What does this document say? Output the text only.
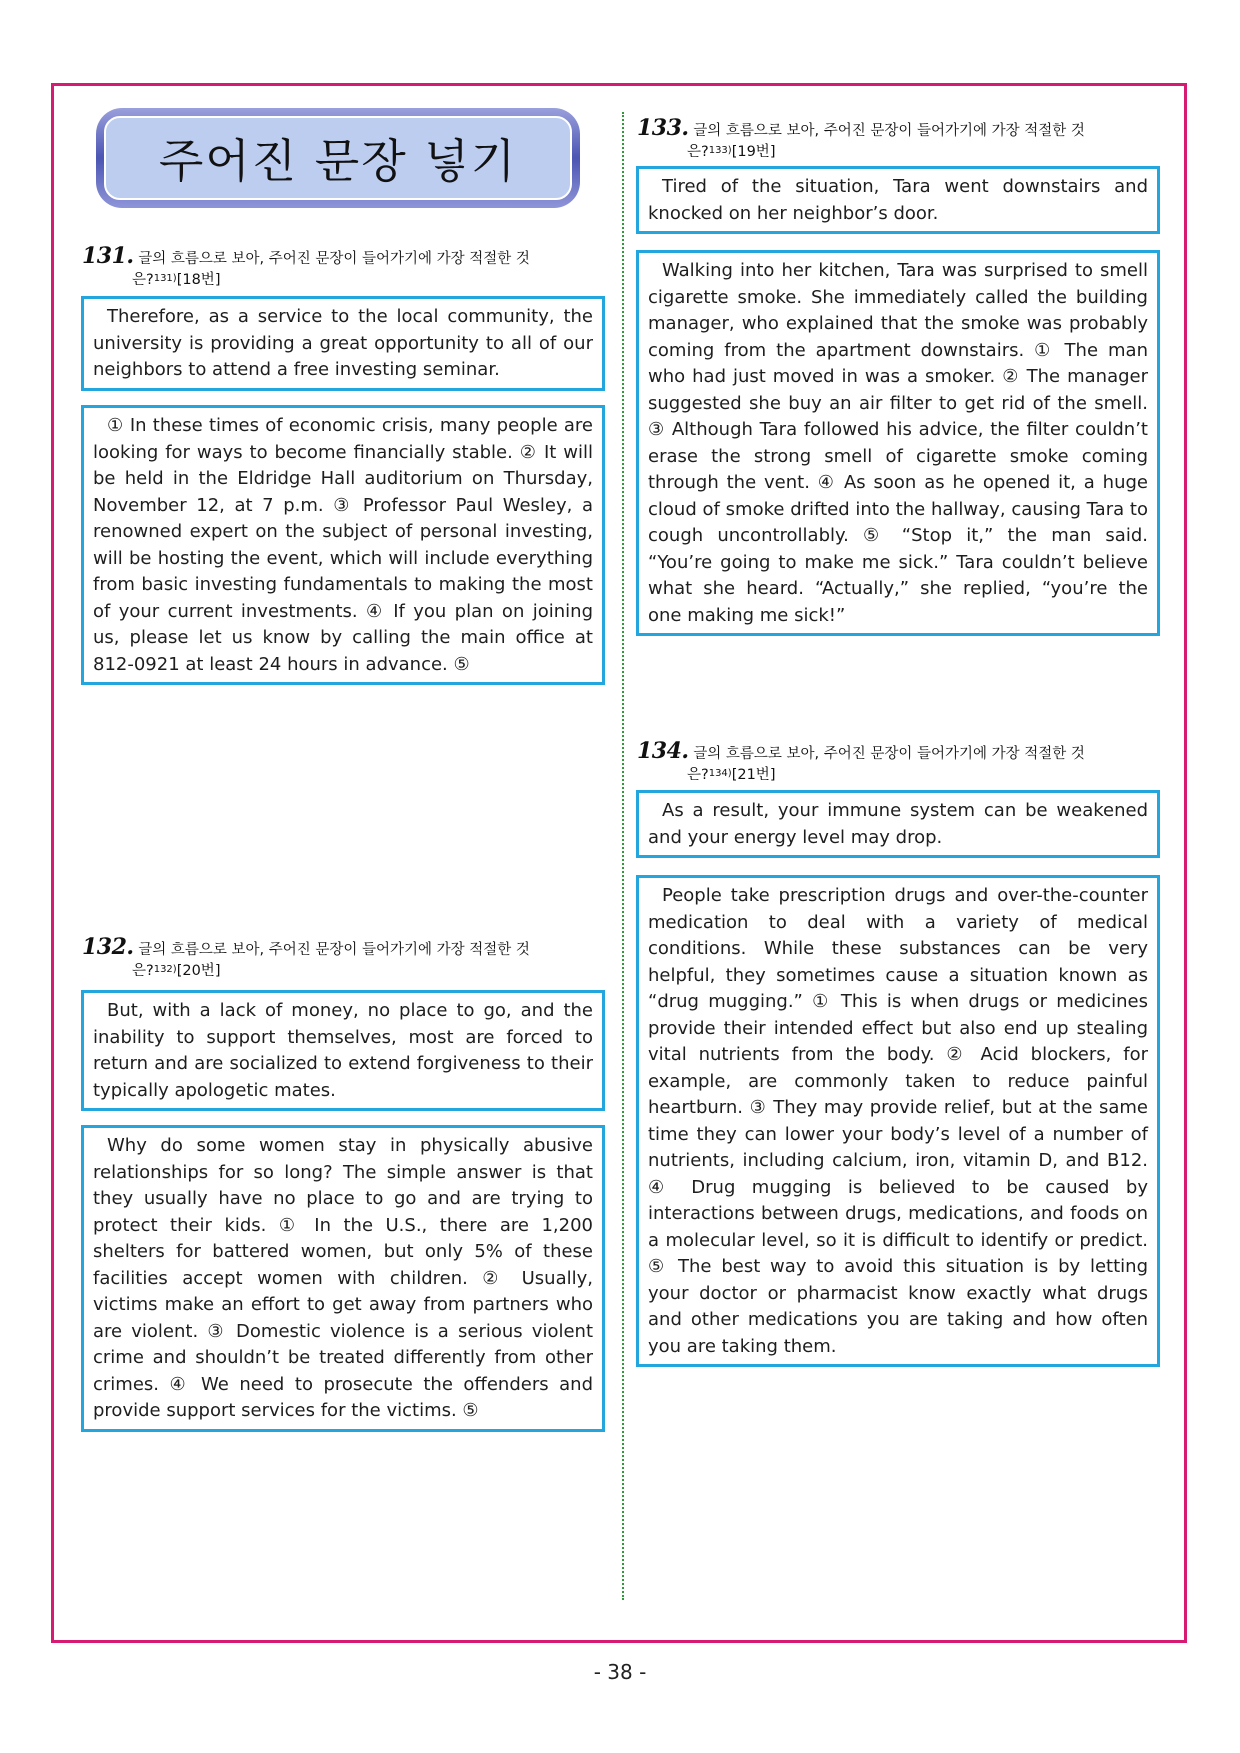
주어진 문장 넣기
131. 글의 흐름으로 보아, 주어진 문장이 들어가기에 가장 적절한 것
은?$^{131)}$[18번]
Therefore, as a service to the local community, the university is providing a great opportunity to all of our neighbors to attend a free investing seminar.
① In these times of economic crisis, many people are looking for ways to become financially stable. ② It will be held in the Eldridge Hall auditorium on Thursday, November 12, at 7 p.m. ③ Professor Paul Wesley, a renowned expert on the subject of personal investing, will be hosting the event, which will include everything from basic investing fundamentals to making the most of your current investments. ④ If you plan on joining us, please let us know by calling the main office at 812-0921 at least 24 hours in advance. ⑤
132. 글의 흐름으로 보아, 주어진 문장이 들어가기에 가장 적절한 것
은?$^{132)}$[20번]
But, with a lack of money, no place to go, and the inability to support themselves, most are forced to return and are socialized to extend forgiveness to their typically apologetic mates.
Why do some women stay in physically abusive relationships for so long? The simple answer is that they usually have no place to go and are trying to protect their kids. ① In the U.S., there are 1,200 shelters for battered women, but only 5% of these facilities accept women with children. ② Usually, victims make an effort to get away from partners who are violent. ③ Domestic violence is a serious violent crime and shouldn’t be treated differently from other crimes. ④ We need to prosecute the offenders and provide support services for the victims. ⑤
133. 글의 흐름으로 보아, 주어진 문장이 들어가기에 가장 적절한 것
은?$^{133)}$[19번]
Tired of the situation, Tara went downstairs and knocked on her neighbor’s door.
Walking into her kitchen, Tara was surprised to smell cigarette smoke. She immediately called the building manager, who explained that the smoke was probably coming from the apartment downstairs. ① The man who had just moved in was a smoker. ② The manager suggested she buy an air filter to get rid of the smell. ③ Although Tara followed his advice, the filter couldn’t erase the strong smell of cigarette smoke coming through the vent. ④ As soon as he opened it, a huge cloud of smoke drifted into the hallway, causing Tara to cough uncontrollably. ⑤ “Stop it,” the man said. “You’re going to make me sick.” Tara couldn’t believe what she heard. “Actually,” she replied, “you’re the one making me sick!”
134. 글의 흐름으로 보아, 주어진 문장이 들어가기에 가장 적절한 것
은?$^{134)}$[21번]
As a result, your immune system can be weakened and your energy level may drop.
People take prescription drugs and over-the-counter medication to deal with a variety of medical conditions. While these substances can be very helpful, they sometimes cause a situation known as “drug mugging.” ① This is when drugs or medicines provide their intended effect but also end up stealing vital nutrients from the body. ② Acid blockers, for example, are commonly taken to reduce painful heartburn. ③ They may provide relief, but at the same time they can lower your body’s level of a number of nutrients, including calcium, iron, vitamin D, and B12. ④ Drug mugging is believed to be caused by interactions between drugs, medications, and foods on a molecular level, so it is difficult to identify or predict. ⑤ The best way to avoid this situation is by letting your doctor or pharmacist know exactly what drugs and other medications you are taking and how often you are taking them.
- 38 -
